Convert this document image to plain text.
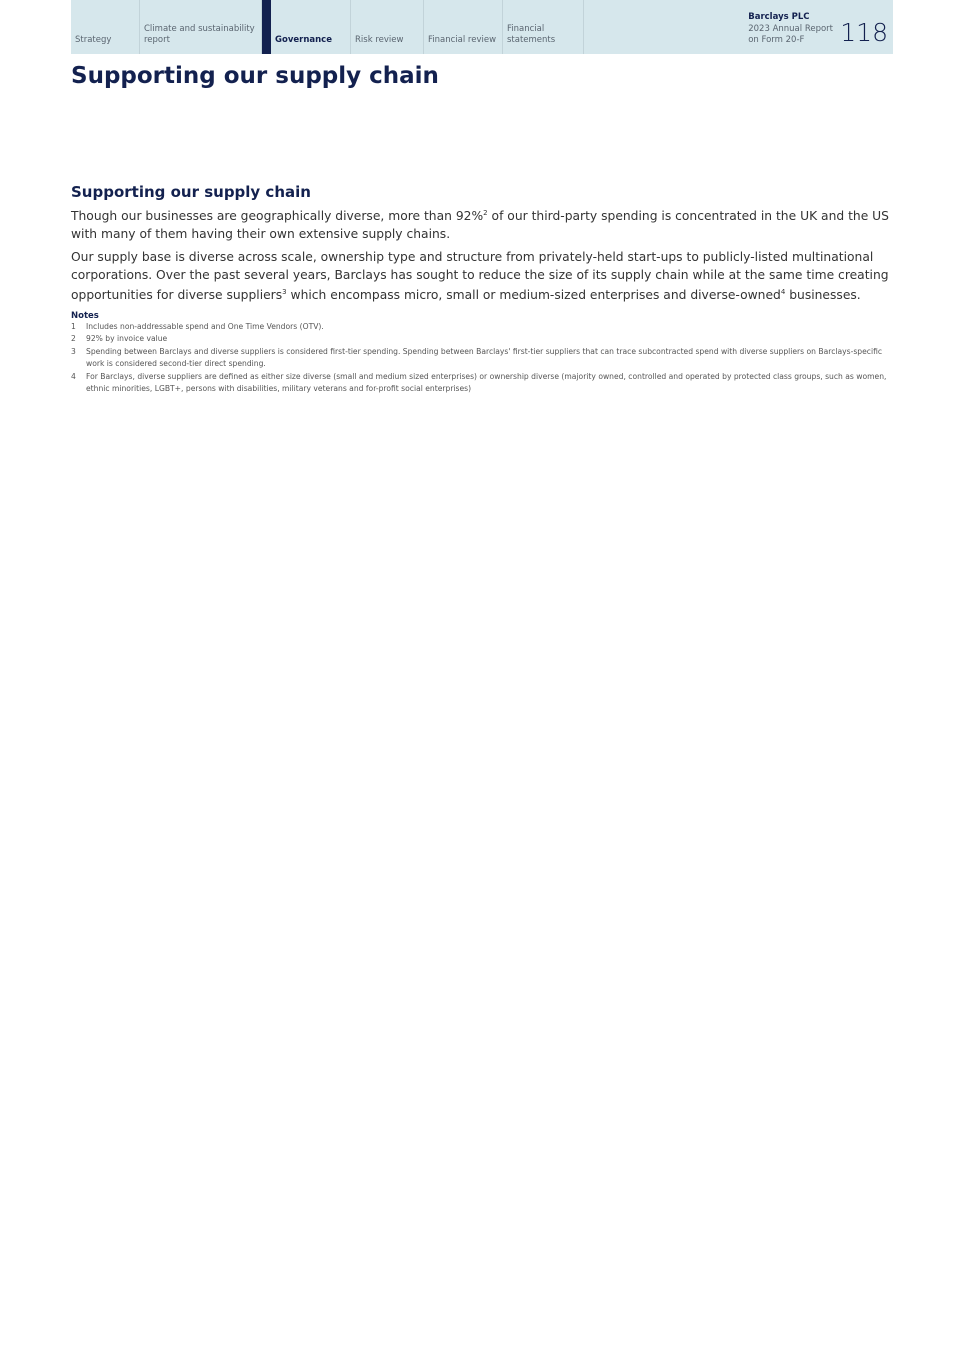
Strategy
Climate and sustainability report	Governance	Risk review	Financial review
Financial statements
Barclays PLC
2023 Annual Report
on Form 20-F	118
Supporting our supply chain
Supporting our supply chain

Though our businesses are geographically diverse, more than 92%$^2$ of our third-party spending is concentrated in the UK and the US with many of them having their own extensive supply chains.

Our supply base is diverse across scale, ownership type and structure from privately-held start-ups to publicly-listed multinational corporations. Over the past several years, Barclays has sought to reduce the size of its supply chain while at the same time creating opportunities for diverse suppliers$^3$ which encompass micro, small or medium-sized enterprises and diverse-owned$^4$ businesses.

Notes
1	Includes non-addressable spend and One Time Vendors (OTV).
2	92% by invoice value
3	Spending between Barclays and diverse suppliers is considered first-tier spending. Spending between Barclays' first-tier suppliers that can trace subcontracted spend with diverse suppliers on Barclays-specific work is considered second-tier direct spending.
4	For Barclays, diverse suppliers are defined as either size diverse (small and medium sized enterprises) or ownership diverse (majority owned, controlled and operated by protected class groups, such as women, ethnic minorities, LGBT+, persons with disabilities, military veterans and for-profit social enterprises)
